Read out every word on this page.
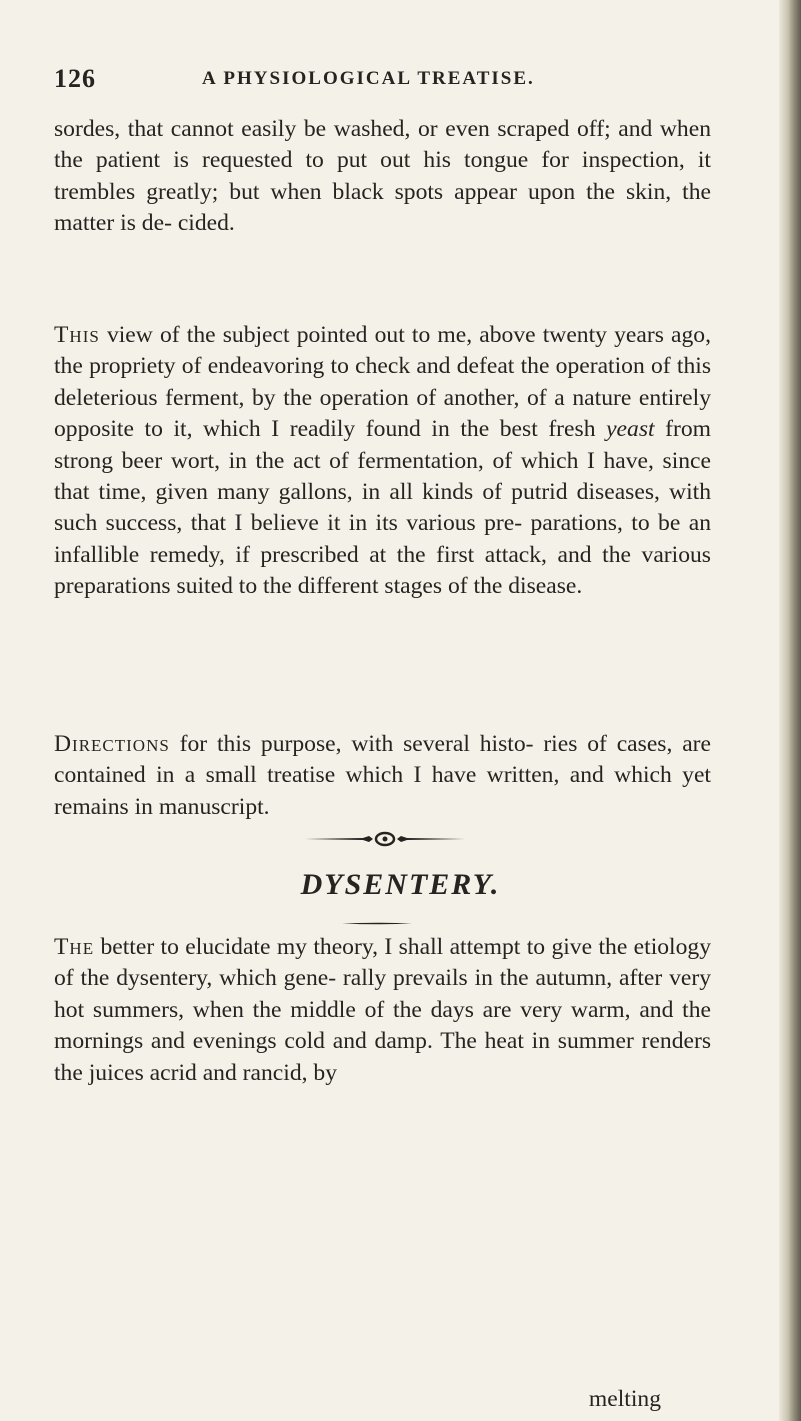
126	A PHYSIOLOGICAL TREATISE.

sordes, that cannot easily be washed, or even scraped off; and when the patient is requested to put out his tongue for inspection, it trembles greatly; but when black spots appear upon the skin, the matter is de- cided.

This view of the subject pointed out to me, above twenty years ago, the propriety of endeavoring to check and defeat the operation of this deleterious ferment, by the operation of another, of a nature entirely opposite to it, which I readily found in the best fresh yeast from strong beer wort, in the act of fermentation, of which I have, since that time, given many gallons, in all kinds of putrid diseases, with such success, that I believe it in its various pre- parations, to be an infallible remedy, if prescribed at the first attack, and the various preparations suited to the different stages of the disease.

Directions for this purpose, with several histo- ries of cases, are contained in a small treatise which I have written, and which yet remains in manuscript.

DYSENTERY.

The better to elucidate my theory, I shall attempt to give the etiology of the dysentery, which gene- rally prevails in the autumn, after very hot summers, when the middle of the days are very warm, and the mornings and evenings cold and damp. The heat in summer renders the juices acrid and rancid, by

melting
